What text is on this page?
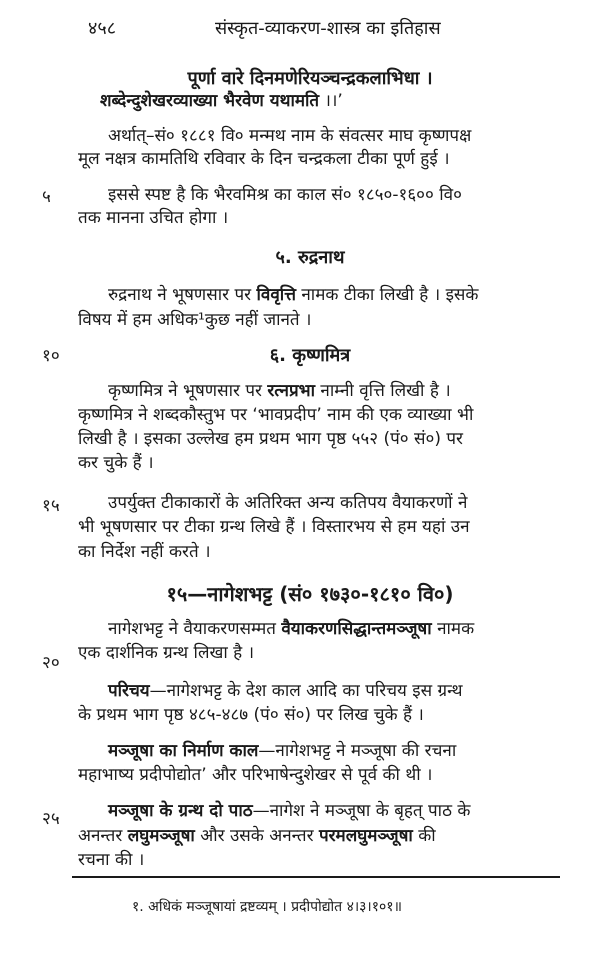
४५८	संस्कृत-व्याकरण-शास्त्र का इतिहास
पूर्णा वारे दिनमणेरियञ्चन्द्रकलाभिधा ।
शब्देन्दुशेखरव्याख्या भैरवेण यथामति ।।’
अर्थात्–सं० १८८१ वि० मन्मथ नाम के संवत्सर माघ कृष्णपक्ष
मूल नक्षत्र कामतिथि रविवार के दिन चन्द्रकला टीका पूर्ण हुई ।
५	इससे स्पष्ट है कि भैरवमिश्र का काल सं० १८५०-१६०० वि०
तक मानना उचित होगा ।
५. रुद्रनाथ
रुद्रनाथ ने भूषणसार पर विवृत्ति नामक टीका लिखी है । इसके
विषय में हम अधिक¹कुछ नहीं जानते ।
१०	६. कृष्णमित्र
कृष्णमित्र ने भूषणसार पर रत्नप्रभा नाम्नी वृत्ति लिखी है ।
कृष्णमित्र ने शब्दकौस्तुभ पर ‘भावप्रदीप’ नाम की एक व्याख्या भी
लिखी है । इसका उल्लेख हम प्रथम भाग पृष्ठ ५५२ (पं० सं०) पर
कर चुके हैं ।
१५	उपर्युक्त टीकाकारों के अतिरिक्त अन्य कतिपय वैयाकरणों ने
भी भूषणसार पर टीका ग्रन्थ लिखे हैं । विस्तारभय से हम यहां उन
का निर्देश नहीं करते ।
१५—नागेशभट्ट (सं० १७३०-१८१० वि०)
नागेशभट्ट ने वैयाकरणसम्मत वैयाकरणसिद्धान्तमञ्जूषा नामक
२०	एक दार्शनिक ग्रन्थ लिखा है ।
परिचय—नागेशभट्ट के देश काल आदि का परिचय इस ग्रन्थ
के प्रथम भाग पृष्ठ ४८५-४८७ (पं० सं०) पर लिख चुके हैं ।
मञ्जूषा का निर्माण काल—नागेशभट्ट ने मञ्जूषा की रचना
महाभाष्य प्रदीपोद्योत’ और परिभाषेन्दुशेखर से पूर्व की थी ।
२५	मञ्जूषा के ग्रन्थ दो पाठ—नागेश ने मञ्जूषा के बृहत् पाठ के
अनन्तर लघुमञ्जूषा और उसके अनन्तर परमलघुमञ्जूषा की
रचना की ।
१. अधिकं मञ्जूषायां द्रष्टव्यम् । प्रदीपोद्योत ४।३।१०१॥
